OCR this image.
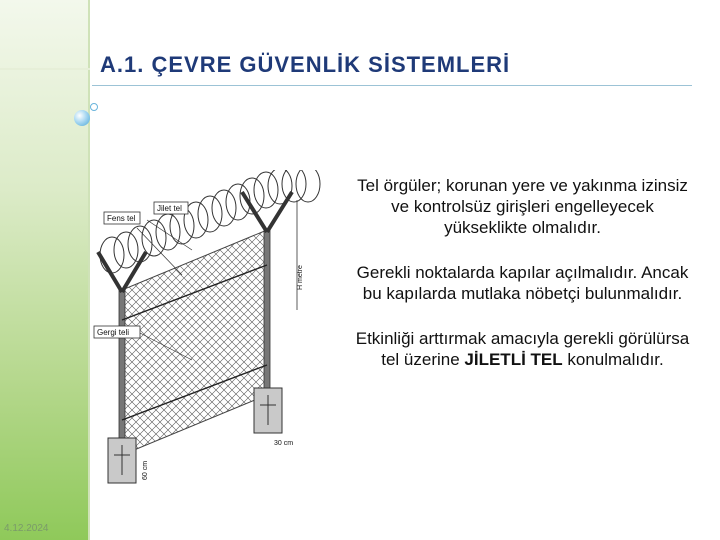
4.12.2024
A.1. ÇEVRE GÜVENLİK SİSTEMLERİ
Jilet tel
Fens tel
Gergi teli
H metre
30 cm
60 cm

Tel örgüler; korunan yere ve yakınma izinsiz ve kontrolsüz girişleri engelleyecek yükseklikte olmalıdır.

Gerekli noktalarda kapılar açılmalıdır. Ancak bu kapılarda mutlaka nöbetçi bulunmalıdır.

Etkinliği arttırmak amacıyla gerekli görülürsa tel üzerine JİLETLİ TEL konulmalıdır.
